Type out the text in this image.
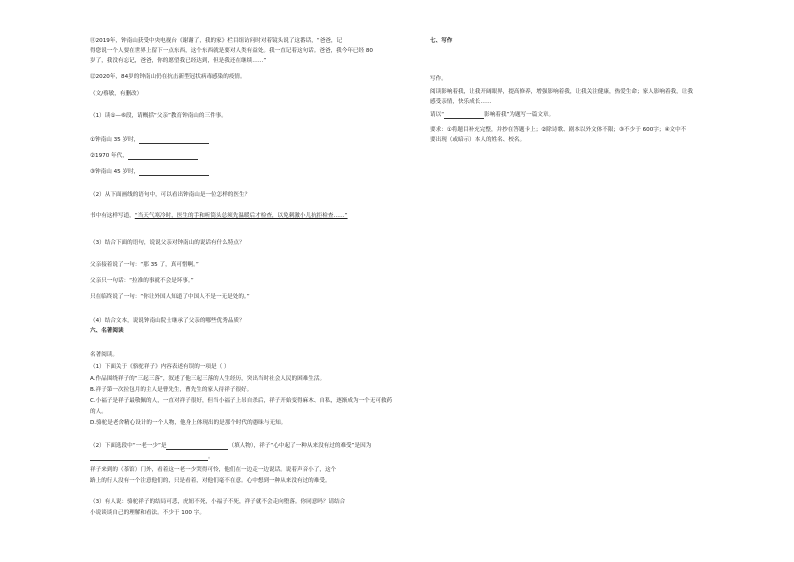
⑪2019年，钟南山获受中央电视台《谢谢了，我的家》栏目组访问时对着镜头说了这番话，“爸爸，记
得您说一个人要在世界上留下一点东西，这个东西就是要对人类有益处。我一直记着这句话。爸爸，我今年已经 80
岁了，我没有忘记，爸爸，你的愿望我已经达到，但是我还在继续……”
⑫2020年，84岁的钟南山仍在抗击新型冠状病毒感染的疫情。
（文/蔡敏，有删改）
（1）读①—⑥段，请概括“父亲”教育钟南山的三件事。
①钟南山 35 岁时，
②1970 年代，
③钟南山 45 岁时，
（2）从下面画线的语句中，可以看出钟南山是一位怎样的医生？
书中有这样写道，“当天气寒冷时，医生的手和听筒头总须先温暖后才检查，以免刺激小儿抗拒检查……”
（3）结合下面的语句，说说父亲对钟南山的说话有什么特点？
父亲接着说了一句：“那 35 了，真可惜啊。”
父亲只一句话：“拉准的事就不会是坏事。”
只在临终说了一句：“你让外国人知道了中国人不是一无是处的。”
（4）结合文本，说说钟南山院士继承了父亲的哪些优秀品质？
六、名著阅读
名著阅读。
（1）下面关于《骆驼祥子》内容表述有误的一项是（ ）
A.作品围绕祥子的“三起三落”，叙述了他三起三落的人生经历，突出当时社会人民的困难生活。
B.祥子第一次拉包月的主人是曹先生，曹先生的家人待祥子很好。
C.小福子是祥子最敬佩的人，一直对祥子很好，但当小福子上吊自杀后，祥子开始变得麻木、自私，逐渐成为一个无可救药
的人。
D.骆驼是老舍精心设计的一个人物，他身上体现出的是那个时代的愚昧与无知。
（2）下面选段中“一老一少”是	（填人物），祥子“心中起了一种从来没有过的难受”是因为
。
祥子来到的（茶馆）门外，看着这一老一少哭得可怜，他们在一边走一边说话。说着声音小了，这个
路上的行人没有一个注意他们的，只是看着，对他们毫不在意。心中想到一种从来没有过的难受。
（3）有人说：骆驼祥子的结局可悲，虎妞不死，小福子不死，祥子就不会走向堕落。你同意吗？请结合
小说谈谈自己的理解和看法。不少于 100 字。
七、写作
写作。
阅读影响着我，让我开阔眼界，提高修养，增强影响着我，让我关注健康，热爱生命；家人影响着我，让我
感受亲情，快乐成长……
请以“	影响着我”为题写一篇文章。
要求：①将题目补充完整，并抄在答题卡上；②除诗歌、剧本以外文体不限；③不少于 600字；④文中不
要出现（或暗示）本人的姓名、校名。
